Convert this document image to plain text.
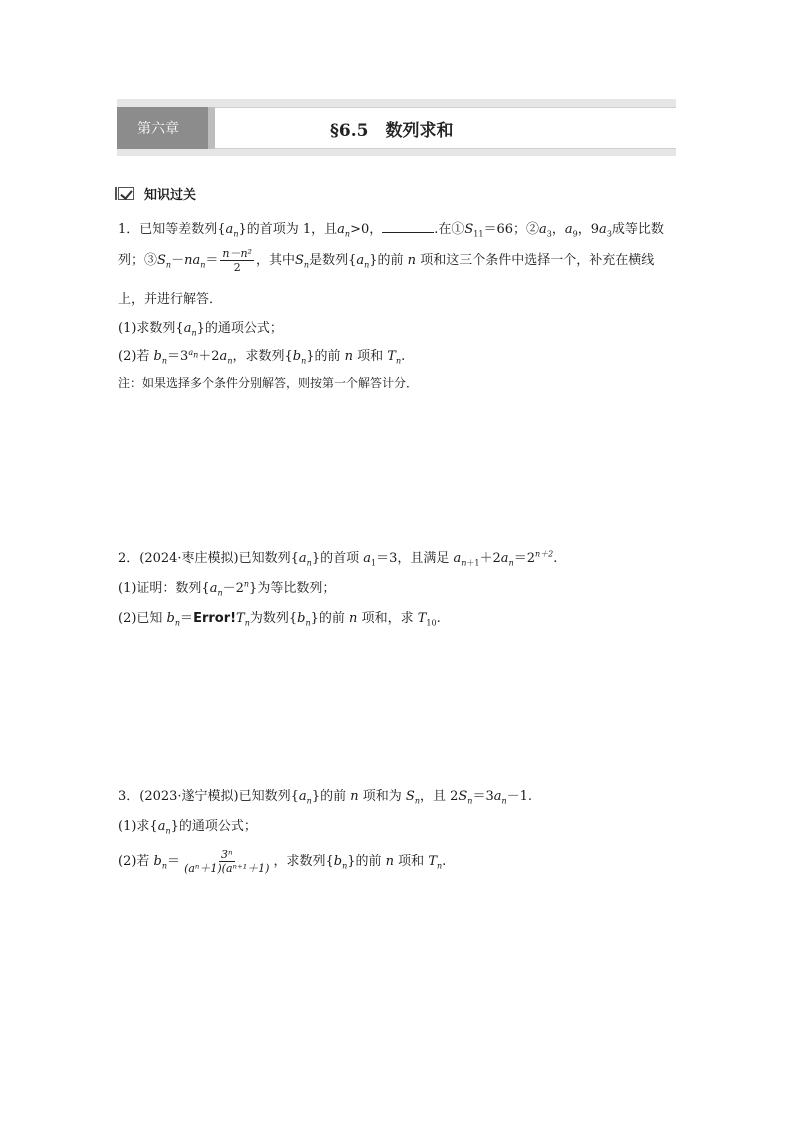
第六章	§6.5　数列求和
知识过关
1．已知等差数列$\{a_n\}$的首项为 1，且$a_n>0$，	.在$①S_{11}=66$；$②a_3$，$a_9$，$9a_3$成等比数
列；$③S_n-na_n= \frac{\text{n－n²}}{2}$ ，其中$S_n$是数列$\{a_n\}$的前 n 项和这三个条件中选择一个，补充在横线
上，并进行解答．
(1)求数列$\{a_n\}$的通项公式；
(2)若 $b_n=3^{a_n}+2a_n$，求数列$\{b_n\}$的前 n 项和 $T_n$.
注：如果选择多个条件分别解答，则按第一个解答计分．
2．(2024·枣庄模拟)已知数列$\{a_n\}$的首项 $a_1=3$，且满足 $a_{n+1}+2a_n=2^{n+2}$.
(1)证明：数列$\{a_n-2^n\}$为等比数列；
(2)已知 $b_n=Error!T_n$为数列$\{b_n\}$的前 n 项和，求 $T_{10}$.
3．(2023·遂宁模拟)已知数列$\{a_n\}$的前 n 项和为 $S_n$，且 $2S_n=3a_n-1$.
(1)求$\{a_n\}$的通项公式；
(2)若 $b_n= \frac{\text{3ⁿ}}{\text{(aⁿ＋1)(aⁿ⁺¹＋1)}}$ ，求数列$\{b_n\}$的前 n 项和 $T_n$.
